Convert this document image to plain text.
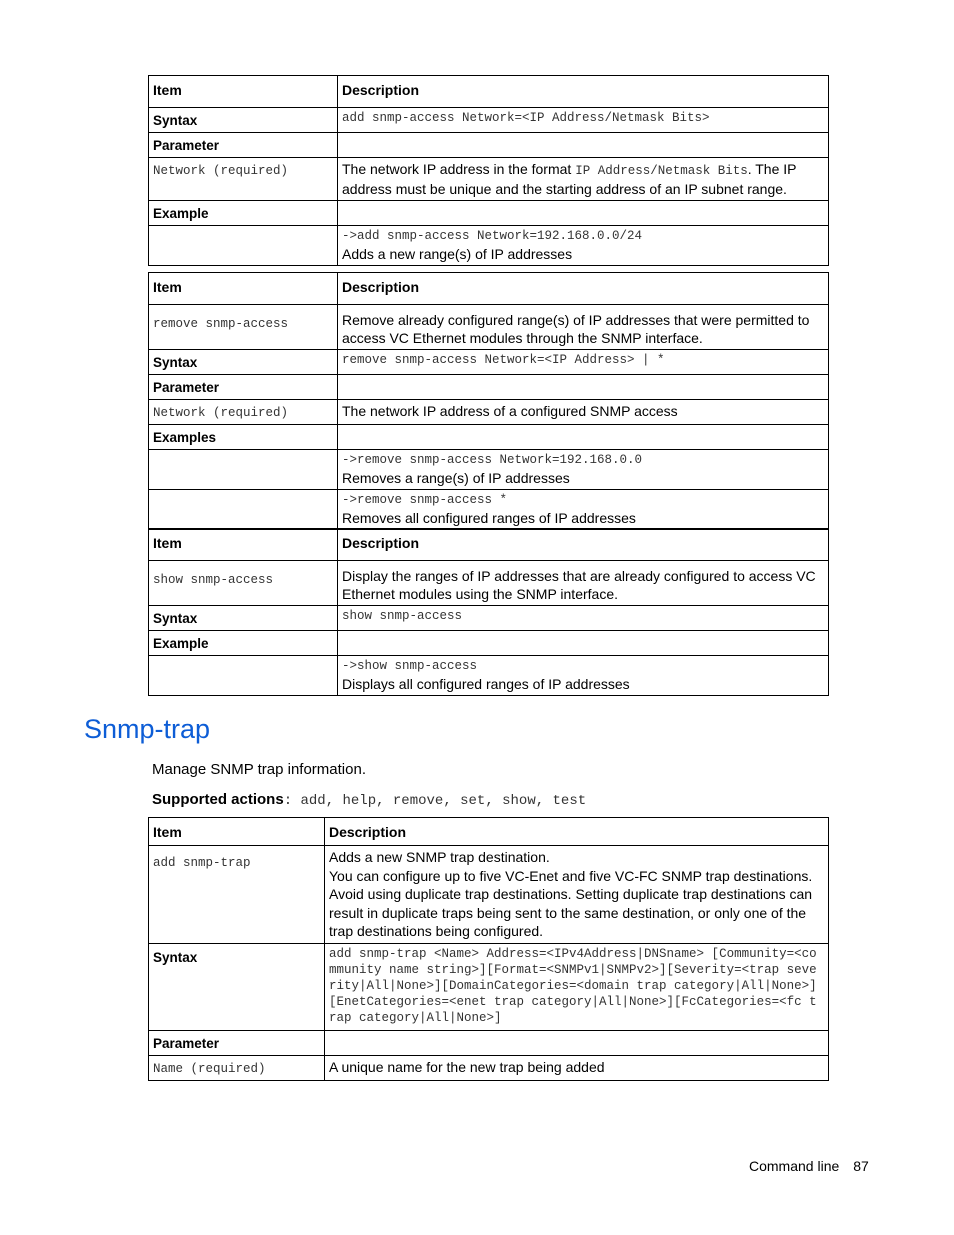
Item	Description
Syntax	add snmp-access Network=<IP Address/Netmask Bits>

Parameter	
Network (required)	The network IP address in the format IP Address/Netmask Bits. The IP address must be unique and the starting address of an IP subnet range.
Example	

	->add snmp-access Network=192.168.0.0/24
Adds a new range(s) of IP addresses
Item	Description
remove snmp-access	Remove already configured range(s) of IP addresses that were permitted to access VC Ethernet modules through the SNMP interface.
Syntax	remove snmp-access Network=<IP Address> | *

Parameter	
Network (required)	The network IP address of a configured SNMP access
Examples	

	->remove snmp-access Network=192.168.0.0
Removes a range(s) of IP addresses

	->remove snmp-access *
Removes all configured ranges of IP addresses
Item	Description
show snmp-access	Display the ranges of IP addresses that are already configured to access VC Ethernet modules using the SNMP interface.
Syntax	show snmp-access

Example	

	->show snmp-access
Displays all configured ranges of IP addresses
Snmp-trap
Manage SNMP trap information.
Supported actions: add, help, remove, set, show, test
Item	Description
add snmp-trap	Adds a new SNMP trap destination.
You can configure up to five VC-Enet and five VC-FC SNMP trap destinations. Avoid using duplicate trap destinations. Setting duplicate trap destinations can result in duplicate traps being sent to the same destination, or only one of the trap destinations being configured.

Syntax	add snmp-trap <Name> Address=<IPv4Address|DNSname> [Community=<community name string>][Format=<SNMPv1|SNMPv2>][Severity=<trap severity|All|None>][DomainCategories=<domain trap category|All|None>][EnetCategories=<enet trap category|All|None>][FcCategories=<fc trap category|All|None>]

Parameter	
Name (required)	A unique name for the new trap being added
Command line 87
